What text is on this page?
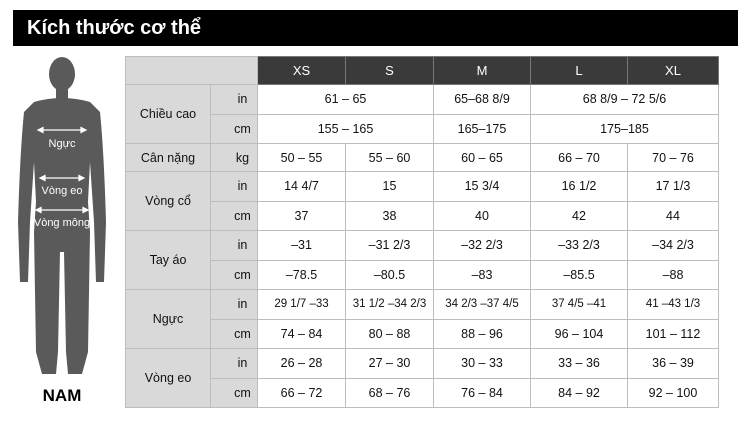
Kích thước cơ thể
Ngực
Vòng eo
Vòng mông
NAM
		XS	S	M	L	XL
Chiều cao	in	61 – 65		65–68 8/9	68 8/9 – 72 5/6	
	cm	155 – 165		165–175	175–185	
Cân nặng	kg	50 – 55	55 – 60	60 – 65	66 – 70	70 – 76
Vòng cổ	in	14 4/7	15	15 3/4	16 1/2	17 1/3
	cm	37	38	40	42	44
Tay áo	in	–31	–31 2/3	–32 2/3	–33 2/3	–34 2/3
	cm	–78.5	–80.5	–83	–85.5	–88
Ngực	in	29 1/7 –33	31 1/2 –34 2/3	34 2/3 –37 4/5	37 4/5 –41	41 –43 1/3
	cm	74 – 84	80 – 88	88 – 96	96 – 104	101 – 112
Vòng eo	in	26 – 28	27 – 30	30 – 33	33 – 36	36 – 39
	cm	66 – 72	68 – 76	76 – 84	84 – 92	92 – 100
